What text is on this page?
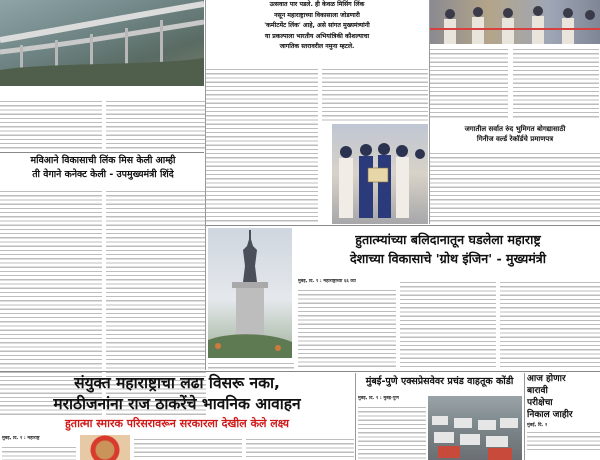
उत्सवात पार पडले. ही केवळ मिसिंग लिंक
नसून महाराष्ट्राच्या विकासाला जोडणारी
'कमीटमेंट लिंक' आहे, असे सांगत मुख्यमंत्र्यांनी
या प्रकल्पाला भारतीय अभियांत्रिकी कौशल्याचा
जागतिक स्तरावरील नमुना म्हटले.
जगातील सर्वात रुंद भुमिगत बोगद्यासाठी
गिनीज वर्ल्ड रेकॉर्डचे प्रमाणपत्र
मविआने विकासाची लिंक मिस केली आम्ही
ती वेगाने कनेक्ट केली - उपमुख्यमंत्री शिंदे
हुतात्म्यांच्या बलिदानातून घडलेला महाराष्ट्र
देशाच्या विकासाचे 'ग्रोथ इंजिन' - मुख्यमंत्री
मुंबई, दि. १ : महाराष्ट्राच्या ६६ व्या
संयुक्त महाराष्ट्राचा लढा विसरू नका,
मराठीजनांना राज ठाकरेंचे भावनिक आवाहन
हुतात्मा स्मारक परिसरावरून सरकारला देखील केले लक्ष्य
मुंबई, दि. १ : महाराष्ट्र
मुंबई-पुणे एक्सप्रेसवेवर प्रचंड वाहतूक कोंडी
मुंबई, दि. १ : मुंबई-पुणे
आज होणार
बारावी
परीक्षेचा
निकाल जाहीर
मुंबई, दि. १
